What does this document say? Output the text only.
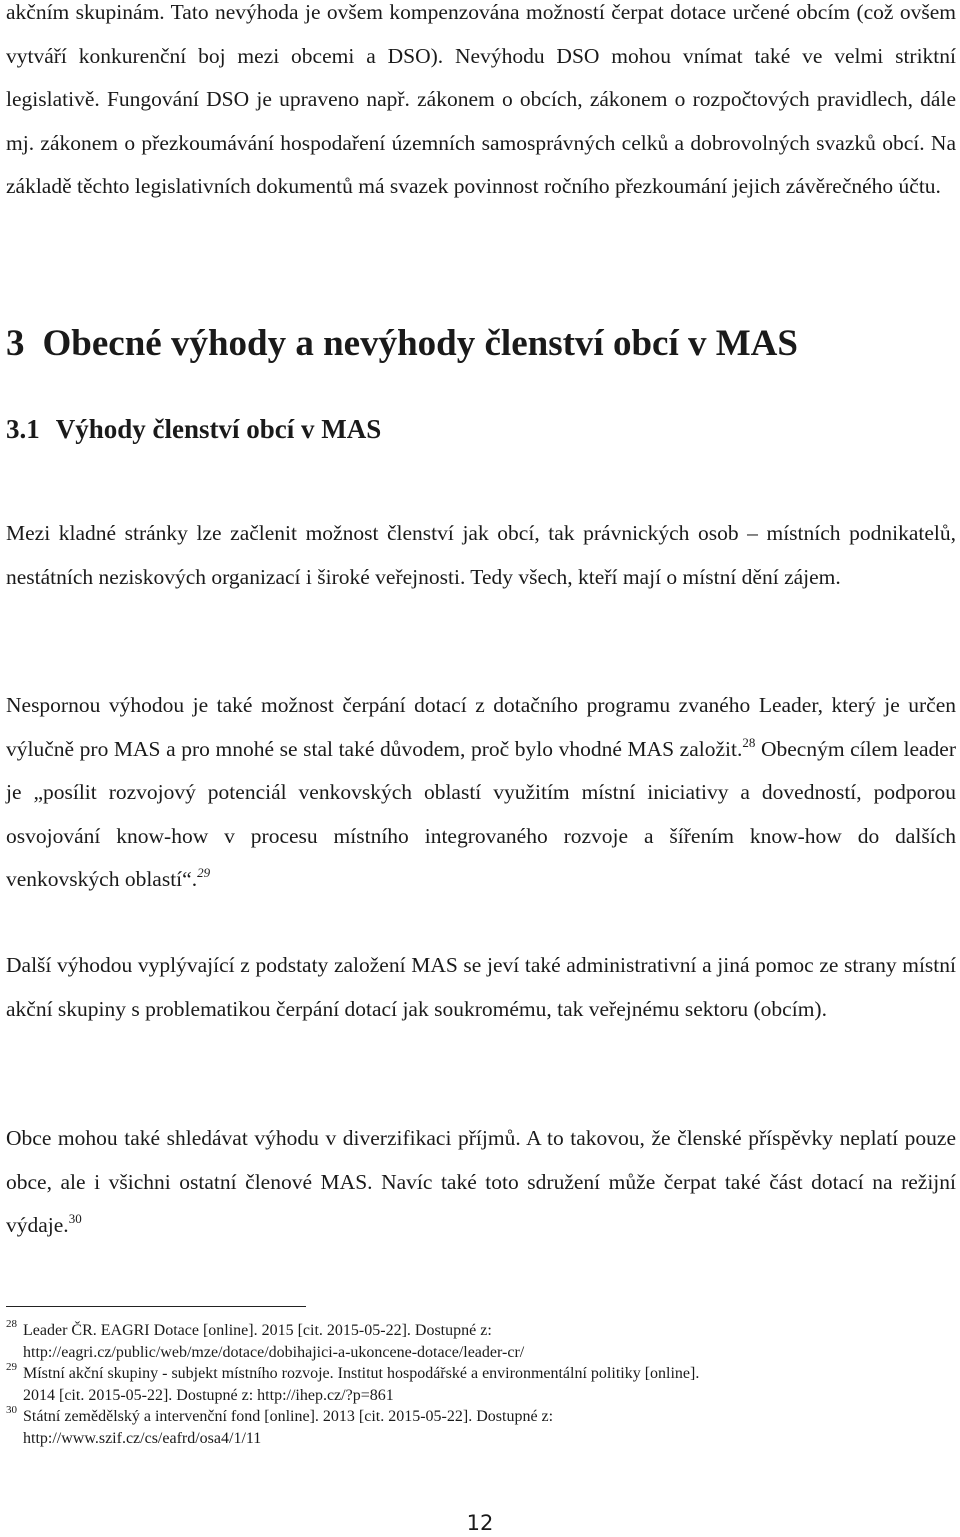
akčním skupinám. Tato nevýhoda je ovšem kompenzována možností čerpat dotace určené obcím (což ovšem vytváří konkurenční boj mezi obcemi a DSO). Nevýhodu DSO mohou vnímat také ve velmi striktní legislativě. Fungování DSO je upraveno např. zákonem o obcích, zákonem o rozpočtových pravidlech, dále mj. zákonem o přezkoumávání hospodaření územních samosprávných celků a dobrovolných svazků obcí. Na základě těchto legislativních dokumentů má svazek povinnost ročního přezkoumání jejich závěrečného účtu.

3 Obecné výhody a nevýhody členství obcí v MAS
3.1 Výhody členství obcí v MAS

Mezi kladné stránky lze začlenit možnost členství jak obcí, tak právnických osob – místních podnikatelů, nestátních neziskových organizací i široké veřejnosti. Tedy všech, kteří mají o místní dění zájem.

Nespornou výhodou je také možnost čerpání dotací z dotačního programu zvaného Leader, který je určen výlučně pro MAS a pro mnohé se stal také důvodem, proč bylo vhodné MAS založit.$^{28}$ Obecným cílem leader je „posílit rozvojový potenciál venkovských oblastí využitím místní iniciativy a dovedností, podporou osvojování know-how v procesu místního integrovaného rozvoje a šířením know-how do dalších venkovských oblastí“.$^{29}$

Další výhodou vyplývající z podstaty založení MAS se jeví také administrativní a jiná pomoc ze strany místní akční skupiny s problematikou čerpání dotací jak soukromému, tak veřejnému sektoru (obcím).

Obce mohou také shledávat výhodu v diverzifikaci příjmů. A to takovou, že členské příspěvky neplatí pouze obce, ale i všichni ostatní členové MAS. Navíc také toto sdružení může čerpat také část dotací na režijní výdaje.$^{30}$

28 Leader ČR. EAGRI Dotace [online]. 2015 [cit. 2015-05-22]. Dostupné z:
http://eagri.cz/public/web/mze/dotace/dobihajici-a-ukoncene-dotace/leader-cr/
29 Místní akční skupiny - subjekt místního rozvoje. Institut hospodářské a environmentální politiky [online].
2014 [cit. 2015-05-22]. Dostupné z: http://ihep.cz/?p=861
30 Státní zemědělský a intervenční fond [online]. 2013 [cit. 2015-05-22]. Dostupné z:
http://www.szif.cz/cs/eafrd/osa4/1/11
12
